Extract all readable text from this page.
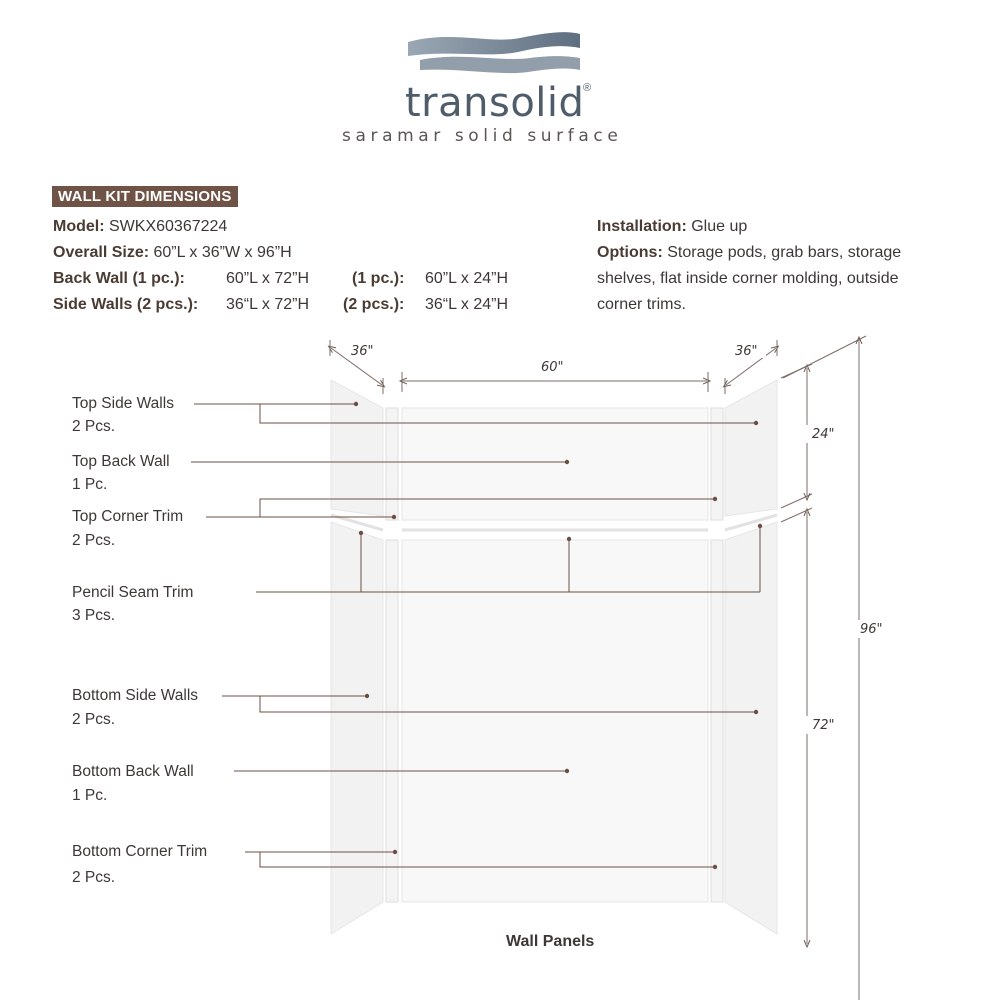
36"
60"
36"
24"
72"
96"
transolid
®
saramar solid surface
WALL KIT DIMENSIONS
Model: SWKX60367224
Overall Size: 60”L x 36”W x 96”H
Back Wall (1 pc.):	60”L x 72”H	(1 pc.): 60”L x 24”H
Side Walls (2 pcs.): 36“L x 72”H (2 pcs.): 36“L x 24”H
Installation: Glue up
Options: Storage pods, grab bars, storage
shelves, flat inside corner molding, outside
corner trims.
Top Side Walls
2 Pcs.
Top Back Wall
1 Pc.
Top Corner Trim
2 Pcs.
Pencil Seam Trim
3 Pcs.
Bottom Side Walls
2 Pcs.
Bottom Back Wall
1 Pc.
Bottom Corner Trim
2 Pcs.
Wall Panels
